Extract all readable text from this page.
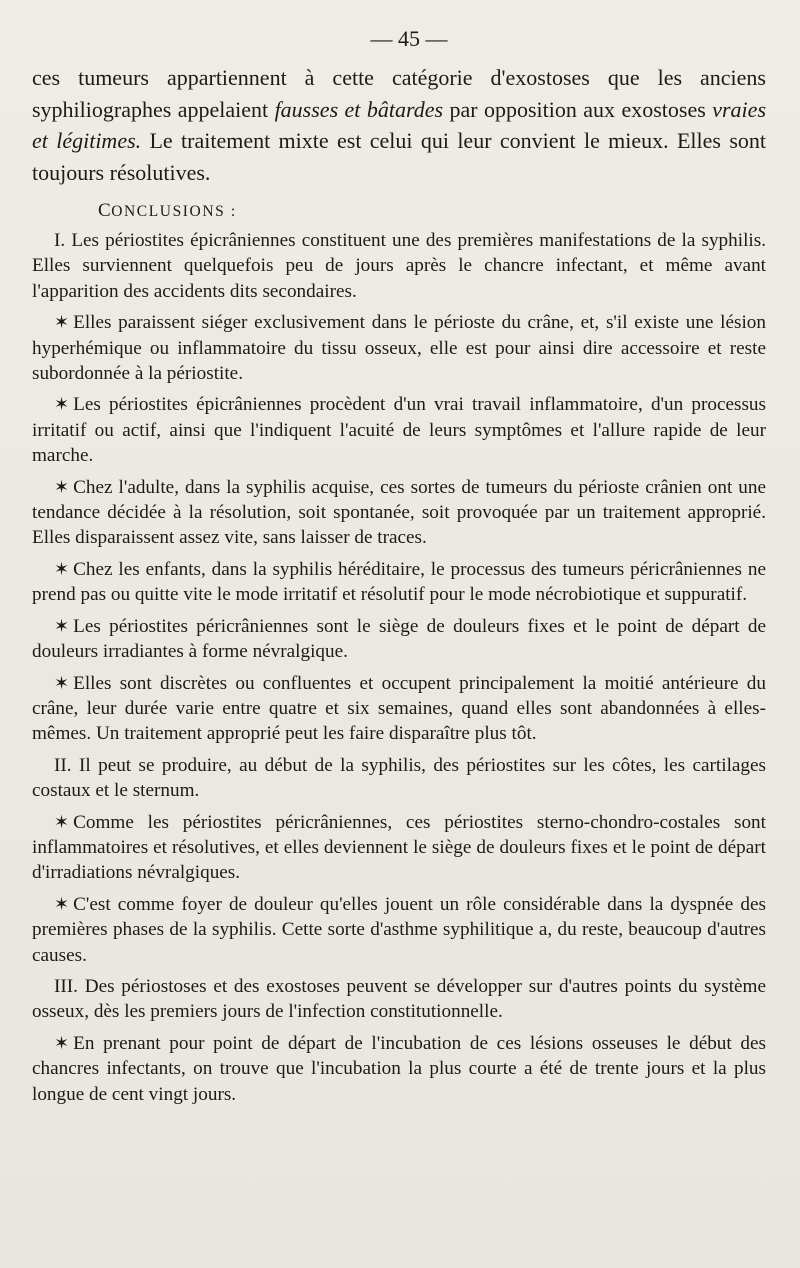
— 45 —

ces tumeurs appartiennent à cette catégorie d'exostoses que les anciens syphiliographes appelaient fausses et bâtardes par opposition aux exostoses vraies et légitimes. Le traitement mixte est celui qui leur convient le mieux. Elles sont toujours résolutives.

CONCLUSIONS :

I. Les périostites épicrâniennes constituent une des premières manifestations de la syphilis. Elles surviennent quelquefois peu de jours après le chancre infectant, et même avant l'apparition des accidents dits secondaires.

✶ Elles paraissent siéger exclusivement dans le périoste du crâne, et, s'il existe une lésion hyperhémique ou inflammatoire du tissu osseux, elle est pour ainsi dire accessoire et reste subordonnée à la périostite.

✶ Les périostites épicrâniennes procèdent d'un vrai travail inflammatoire, d'un processus irritatif ou actif, ainsi que l'indiquent l'acuité de leurs symptômes et l'allure rapide de leur marche.

✶ Chez l'adulte, dans la syphilis acquise, ces sortes de tumeurs du périoste crânien ont une tendance décidée à la résolution, soit spontanée, soit provoquée par un traitement approprié. Elles disparaissent assez vite, sans laisser de traces.

✶ Chez les enfants, dans la syphilis héréditaire, le processus des tumeurs péricrâniennes ne prend pas ou quitte vite le mode irritatif et résolutif pour le mode nécrobiotique et suppuratif.

✶ Les périostites péricrâniennes sont le siège de douleurs fixes et le point de départ de douleurs irradiantes à forme névralgique.

✶ Elles sont discrètes ou confluentes et occupent principalement la moitié antérieure du crâne, leur durée varie entre quatre et six semaines, quand elles sont abandonnées à elles-mêmes. Un traitement approprié peut les faire disparaître plus tôt.

II. Il peut se produire, au début de la syphilis, des périostites sur les côtes, les cartilages costaux et le sternum.

✶ Comme les périostites péricrâniennes, ces périostites sterno-chondro-costales sont inflammatoires et résolutives, et elles deviennent le siège de douleurs fixes et le point de départ d'irradiations névralgiques.

✶ C'est comme foyer de douleur qu'elles jouent un rôle considérable dans la dyspnée des premières phases de la syphilis. Cette sorte d'asthme syphilitique a, du reste, beaucoup d'autres causes.

III. Des périostoses et des exostoses peuvent se développer sur d'autres points du système osseux, dès les premiers jours de l'infection constitutionnelle.

✶ En prenant pour point de départ de l'incubation de ces lésions osseuses le début des chancres infectants, on trouve que l'incubation la plus courte a été de trente jours et la plus longue de cent vingt jours.
